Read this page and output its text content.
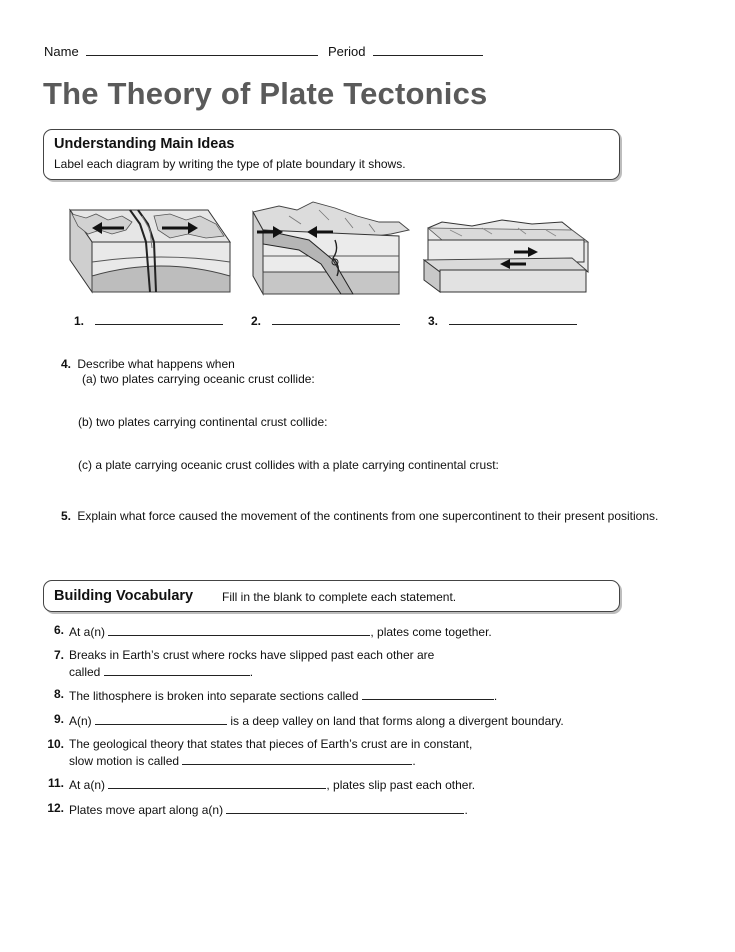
Name	Period
The Theory of Plate Tectonics
Understanding Main Ideas
Label each diagram by writing the type of plate boundary it shows.
1.	2.	3.
4. Describe what happens when
(a) two plates carrying oceanic crust collide:
(b) two plates carrying continental crust collide:
(c) a plate carrying oceanic crust collides with a plate carrying continental crust:
5. Explain what force caused the movement of the continents from one supercontinent to their present positions.
Building Vocabulary Fill in the blank to complete each statement.
6. At a(n)	, plates come together.
7. Breaks in Earth’s crust where rocks have slipped past each other are
called	.
8. The lithosphere is broken into separate sections called	.
9. A(n)	is a deep valley on land that forms along a divergent boundary.
10. The geological theory that states that pieces of Earth’s crust are in constant,
slow motion is called	.
11. At a(n)	, plates slip past each other.
12. Plates move apart along a(n)	.
